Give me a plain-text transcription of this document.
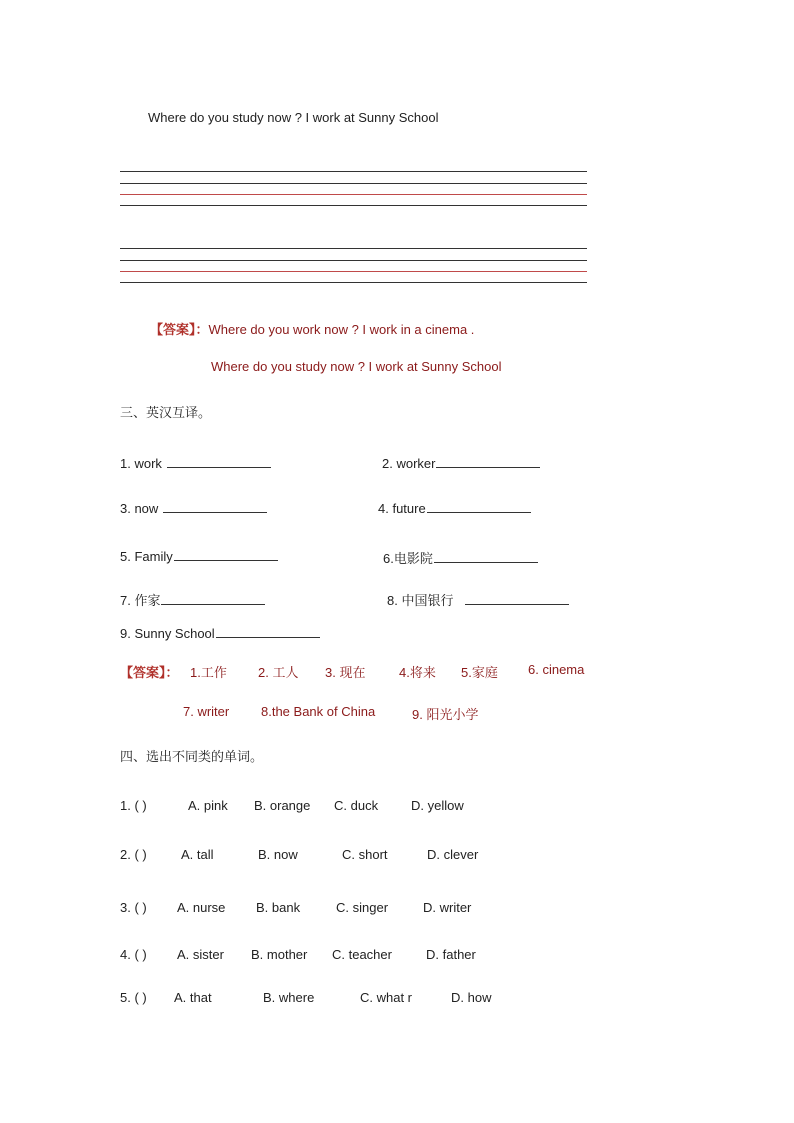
Where do you study now ? I work at Sunny School
【答案】：Where do you work now ? I work in a cinema .
Where do you study now ? I work at Sunny School
三、英汉互译。
1. work	2. worker
3. now	4. future
5. Family	6.电影院
7. 作家	8. 中国银行
9. Sunny School
【答案】： 1.工作 2. 工人 3. 现在	4.将来 5.家庭 6. cinema
7. writer 8.the Bank of China	9. 阳光小学
四、选出不同类的单词。
1. ( )	A. pink B. orange C. duck	D. yellow
2. ( )	A. tall	B. now	C. short	D. clever
3. ( ) A. nurse B. bank	C. singer	D. writer
4. ( ) A. sister B. mother C. teacher	D. father
5. ( ) A. that	B. where	C. what r	D. how
